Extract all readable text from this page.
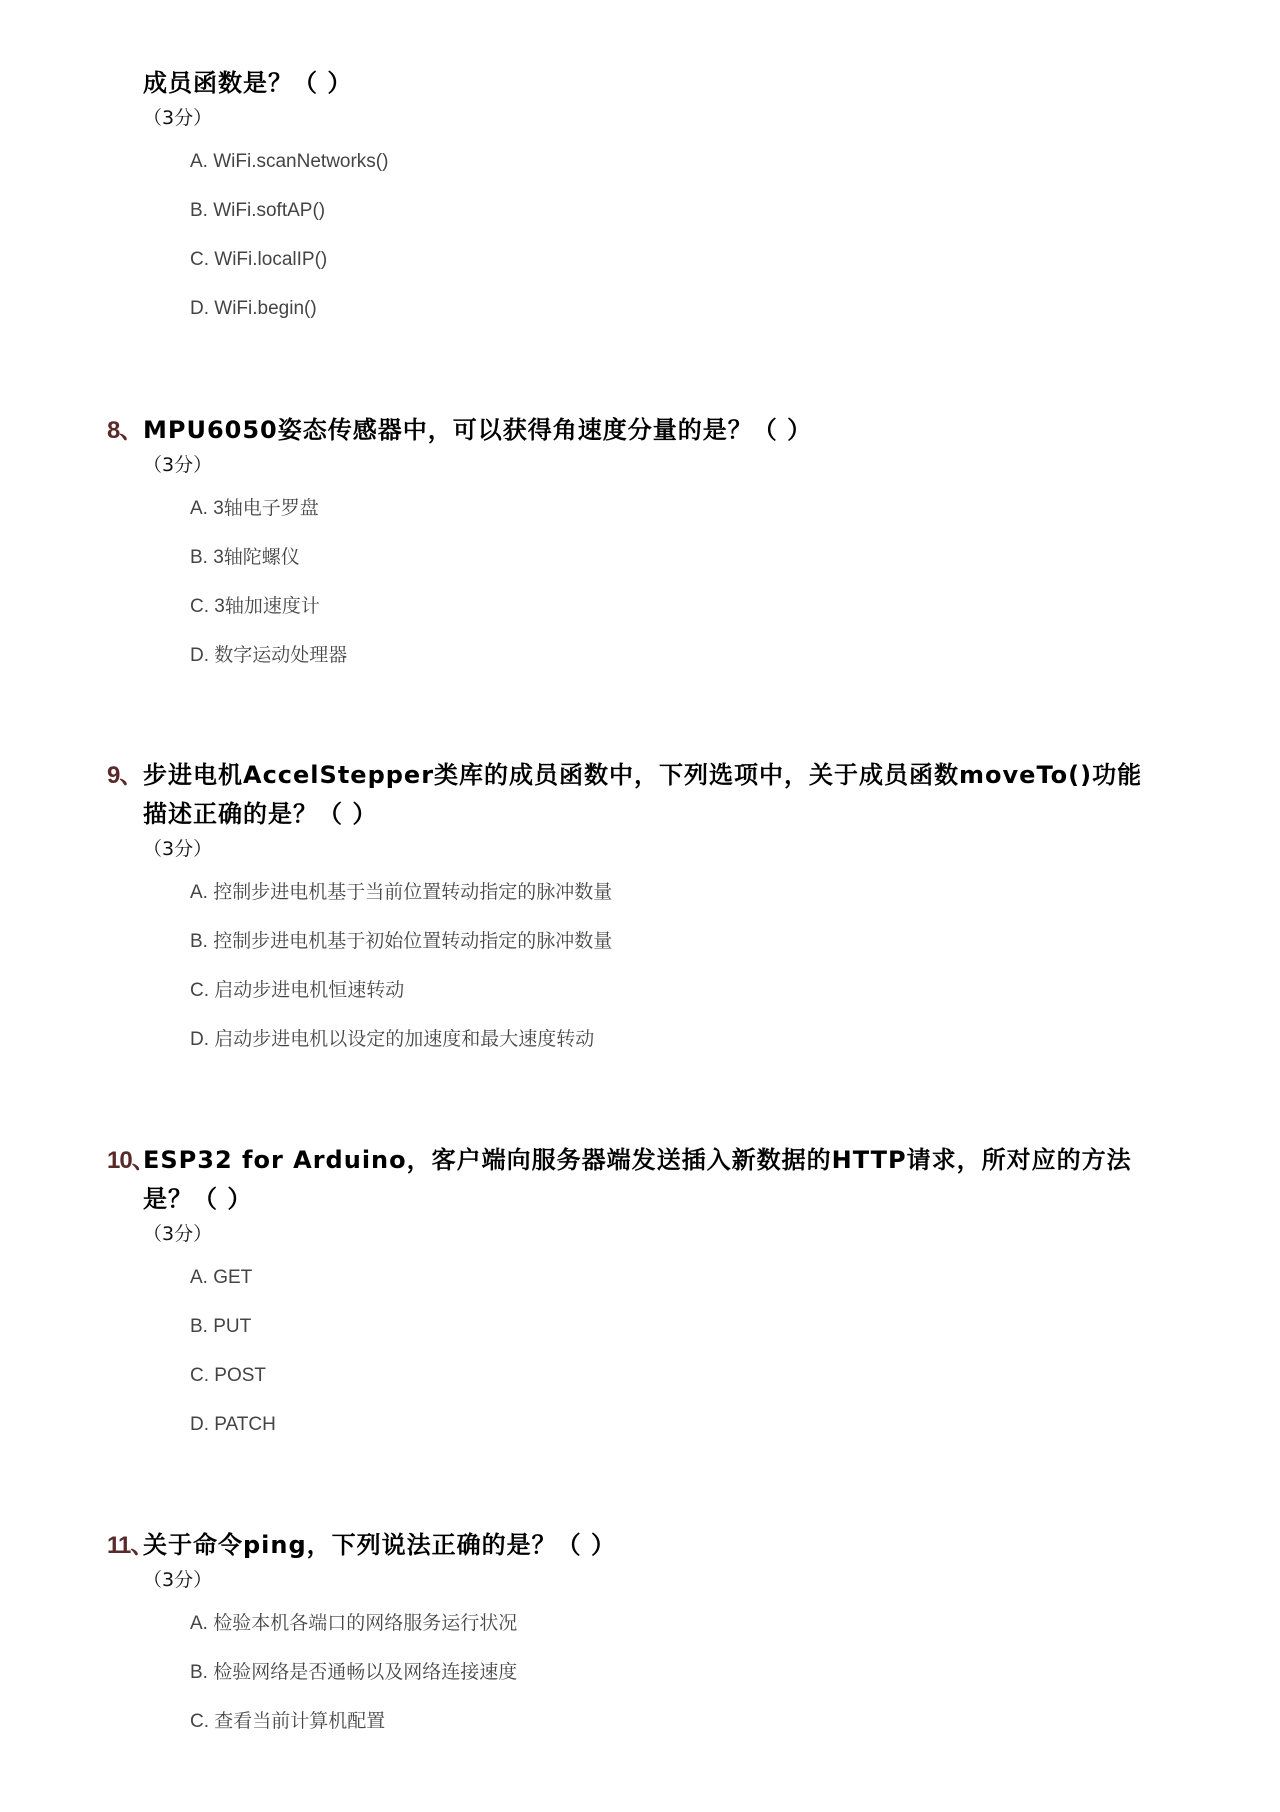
成员函数是？（ ）
（3分）
A. WiFi.scanNetworks()
B. WiFi.softAP()
C. WiFi.localIP()
D. WiFi.begin()
8、 MPU6050姿态传感器中，可以获得角速度分量的是？（ ）
（3分）
A. 3轴电子罗盘
B. 3轴陀螺仪
C. 3轴加速度计
D. 数字运动处理器
9、 步进电机AccelStepper类库的成员函数中，下列选项中，关于成员函数moveTo()功能描述正确的是？（ ）
（3分）
A. 控制步进电机基于当前位置转动指定的脉冲数量
B. 控制步进电机基于初始位置转动指定的脉冲数量
C. 启动步进电机恒速转动
D. 启动步进电机以设定的加速度和最大速度转动
10、
ESP32 for Arduino，客户端向服务器端发送插入新数据的HTTP请求，所对应的方法是？（ ）
（3分）
A. GET
B. PUT
C. POST
D. PATCH
11、
关于命令ping，下列说法正确的是？（ ）
（3分）
A. 检验本机各端口的网络服务运行状况
B. 检验网络是否通畅以及网络连接速度
C. 查看当前计算机配置
